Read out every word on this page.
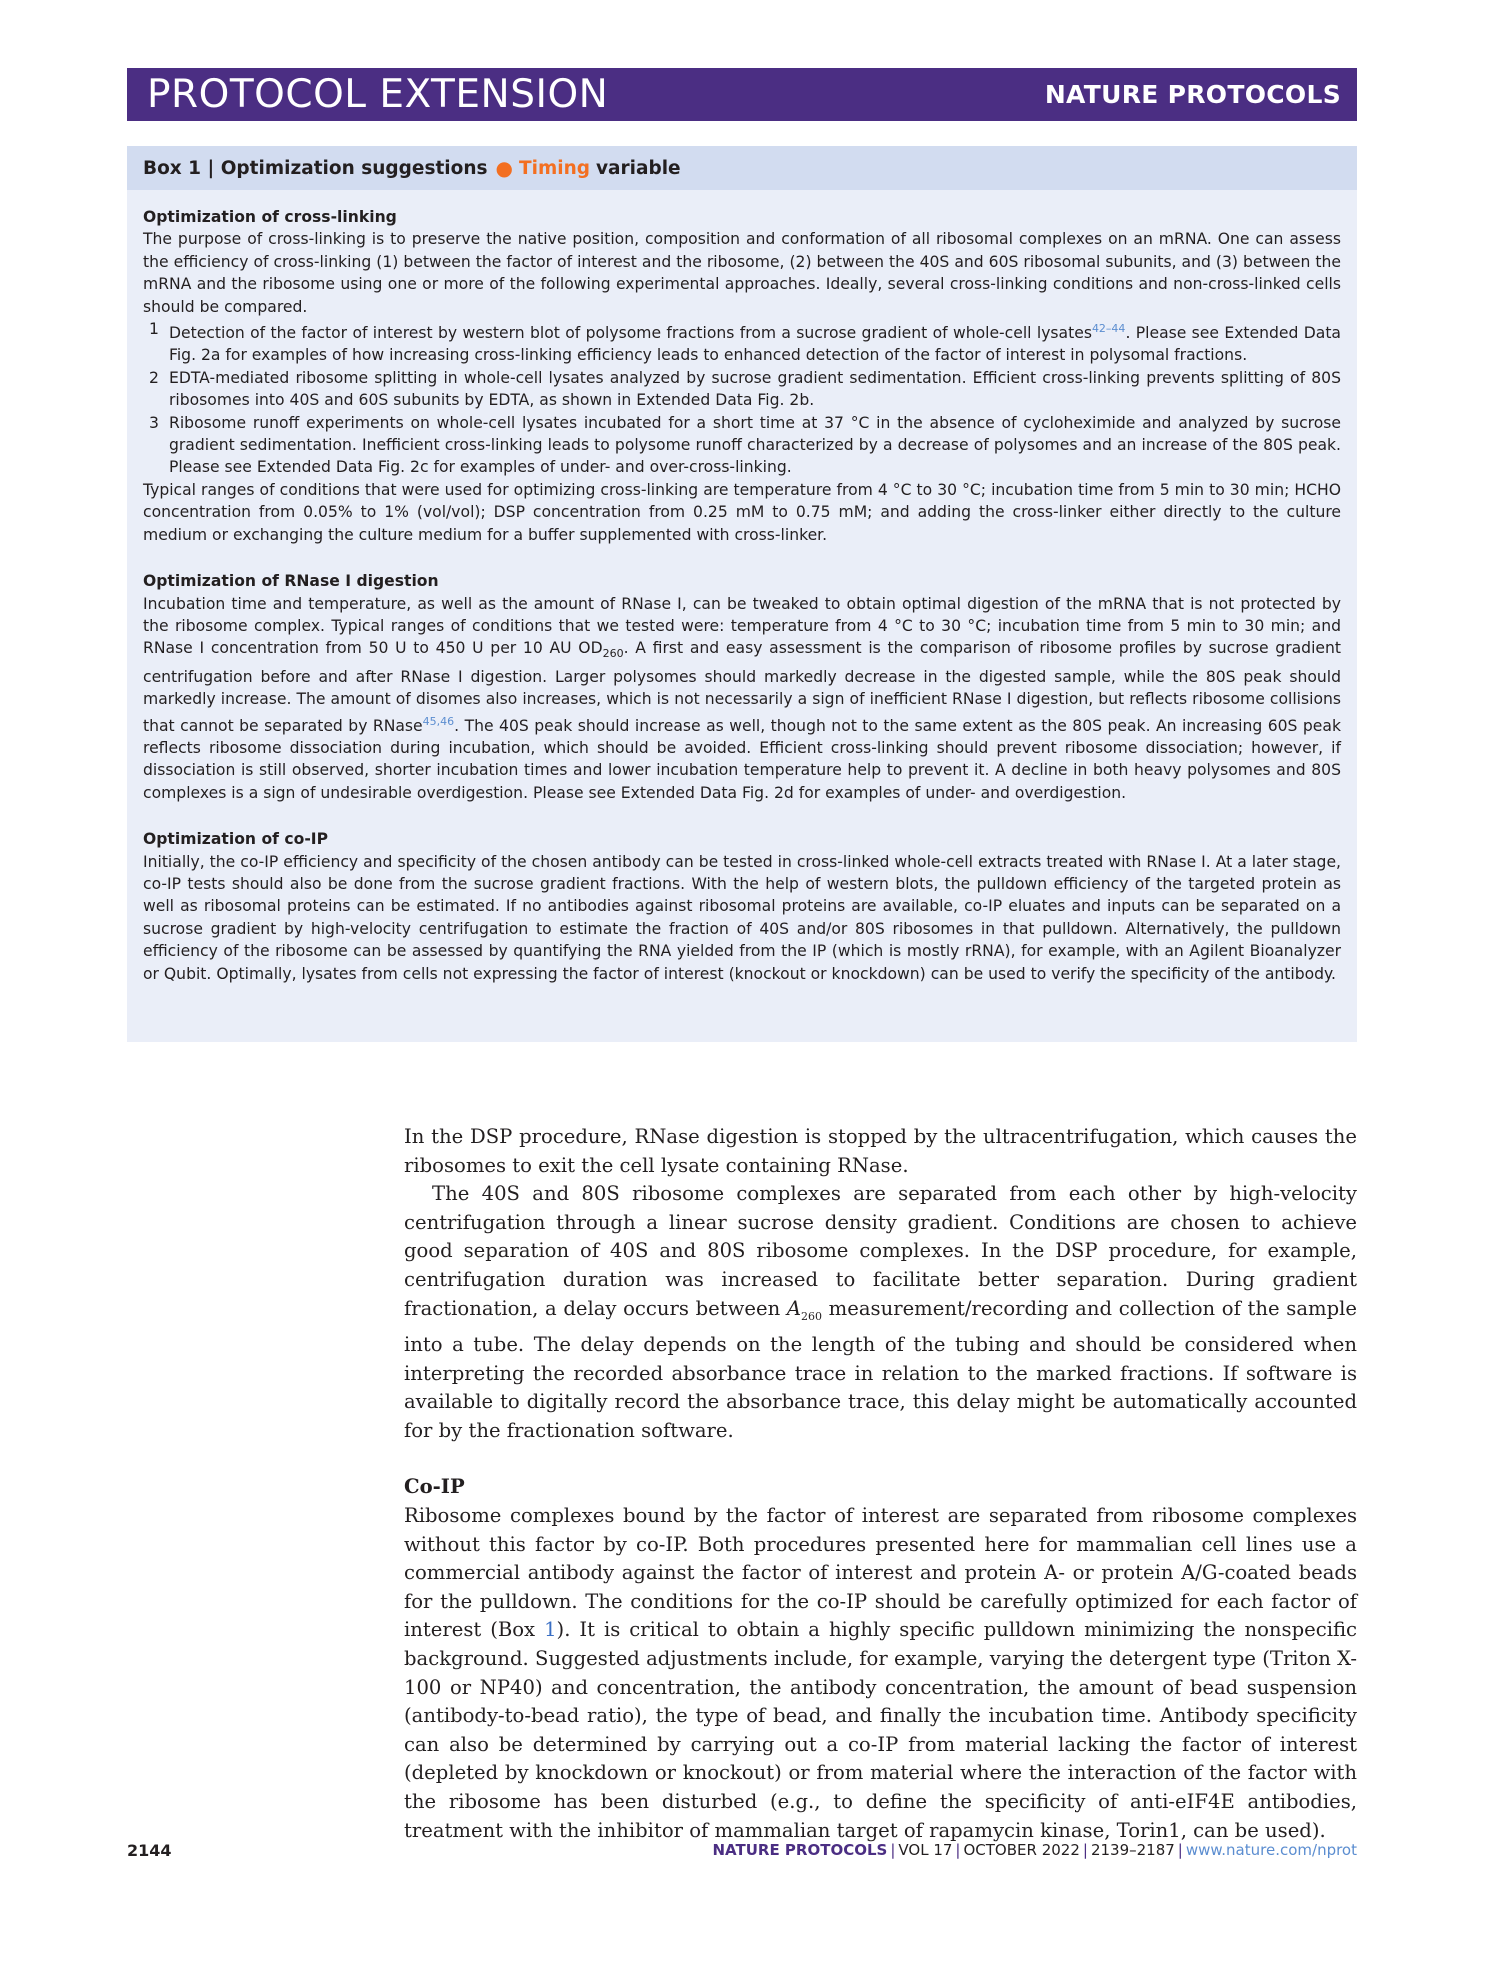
PROTOCOL EXTENSION	NATURE PROTOCOLS
Box 1 | Optimization suggestions ● Timing variable
Optimization of cross-linking
The purpose of cross-linking is to preserve the native position, composition and conformation of all ribosomal complexes on an mRNA. One can assess the efficiency of cross-linking (1) between the factor of interest and the ribosome, (2) between the 40S and 60S ribosomal subunits, and (3) between the mRNA and the ribosome using one or more of the following experimental approaches. Ideally, several cross-linking conditions and non-cross-linked cells should be compared.
1 Detection of the factor of interest by western blot of polysome fractions from a sucrose gradient of whole-cell lysates$^{42-44}$. Please see Extended Data Fig. 2a for examples of how increasing cross-linking efficiency leads to enhanced detection of the factor of interest in polysomal fractions.
2 EDTA-mediated ribosome splitting in whole-cell lysates analyzed by sucrose gradient sedimentation. Efficient cross-linking prevents splitting of 80S ribosomes into 40S and 60S subunits by EDTA, as shown in Extended Data Fig. 2b.
3 Ribosome runoff experiments on whole-cell lysates incubated for a short time at 37 °C in the absence of cycloheximide and analyzed by sucrose gradient sedimentation. Inefficient cross-linking leads to polysome runoff characterized by a decrease of polysomes and an increase of the 80S peak. Please see Extended Data Fig. 2c for examples of under- and over-cross-linking.
Typical ranges of conditions that were used for optimizing cross-linking are temperature from 4 °C to 30 °C; incubation time from 5 min to 30 min; HCHO concentration from 0.05% to 1% (vol/vol); DSP concentration from 0.25 mM to 0.75 mM; and adding the cross-linker either directly to the culture medium or exchanging the culture medium for a buffer supplemented with cross-linker.
Optimization of RNase I digestion
Incubation time and temperature, as well as the amount of RNase I, can be tweaked to obtain optimal digestion of the mRNA that is not protected by the ribosome complex. Typical ranges of conditions that we tested were: temperature from 4 °C to 30 °C; incubation time from 5 min to 30 min; and RNase I concentration from 50 U to 450 U per 10 AU $OD_{260}$. A first and easy assessment is the comparison of ribosome profiles by sucrose gradient centrifugation before and after RNase I digestion. Larger polysomes should markedly decrease in the digested sample, while the 80S peak should markedly increase. The amount of disomes also increases, which is not necessarily a sign of inefficient RNase I digestion, but reflects ribosome collisions that cannot be separated by RNase$^{45,46}$. The 40S peak should increase as well, though not to the same extent as the 80S peak. An increasing 60S peak reflects ribosome dissociation during incubation, which should be avoided. Efficient cross-linking should prevent ribosome dissociation; however, if dissociation is still observed, shorter incubation times and lower incubation temperature help to prevent it. A decline in both heavy polysomes and 80S complexes is a sign of undesirable overdigestion. Please see Extended Data Fig. 2d for examples of under- and overdigestion.
Optimization of co-IP
Initially, the co-IP efficiency and specificity of the chosen antibody can be tested in cross-linked whole-cell extracts treated with RNase I. At a later stage, co-IP tests should also be done from the sucrose gradient fractions. With the help of western blots, the pulldown efficiency of the targeted protein as well as ribosomal proteins can be estimated. If no antibodies against ribosomal proteins are available, co-IP eluates and inputs can be separated on a sucrose gradient by high-velocity centrifugation to estimate the fraction of 40S and/or 80S ribosomes in that pulldown. Alternatively, the pulldown efficiency of the ribosome can be assessed by quantifying the RNA yielded from the IP (which is mostly rRNA), for example, with an Agilent Bioanalyzer or Qubit. Optimally, lysates from cells not expressing the factor of interest (knockout or knockdown) can be used to verify the specificity of the antibody.

In the DSP procedure, RNase digestion is stopped by the ultracentrifugation, which causes the ribosomes to exit the cell lysate containing RNase.

The 40S and 80S ribosome complexes are separated from each other by high-velocity centrifugation through a linear sucrose density gradient. Conditions are chosen to achieve good separation of 40S and 80S ribosome complexes. In the DSP procedure, for example, centrifugation duration was increased to facilitate better separation. During gradient fractionation, a delay occurs between $A_{260}$ measurement/recording and collection of the sample into a tube. The delay depends on the length of the tubing and should be considered when interpreting the recorded absorbance trace in relation to the marked fractions. If software is available to digitally record the absorbance trace, this delay might be automatically accounted for by the fractionation software.

Co-IP

Ribosome complexes bound by the factor of interest are separated from ribosome complexes without this factor by co-IP. Both procedures presented here for mammalian cell lines use a commercial antibody against the factor of interest and protein A- or protein A/G-coated beads for the pulldown. The conditions for the co-IP should be carefully optimized for each factor of interest (Box 1). It is critical to obtain a highly specific pulldown minimizing the nonspecific background. Suggested adjustments include, for example, varying the detergent type (Triton X-100 or NP40) and concentration, the antibody concentration, the amount of bead suspension (antibody-to-bead ratio), the type of bead, and finally the incubation time. Antibody specificity can also be determined by carrying out a co-IP from material lacking the factor of interest (depleted by knockdown or knockout) or from material where the interaction of the factor with the ribosome has been disturbed (e.g., to define the specificity of anti-eIF4E antibodies, treatment with the inhibitor of mammalian target of rapamycin kinase, Torin1, can be used).

2144	NATURE PROTOCOLS | VOL 17 | OCTOBER 2022 | 2139–2187 | www.nature.com/nprot
